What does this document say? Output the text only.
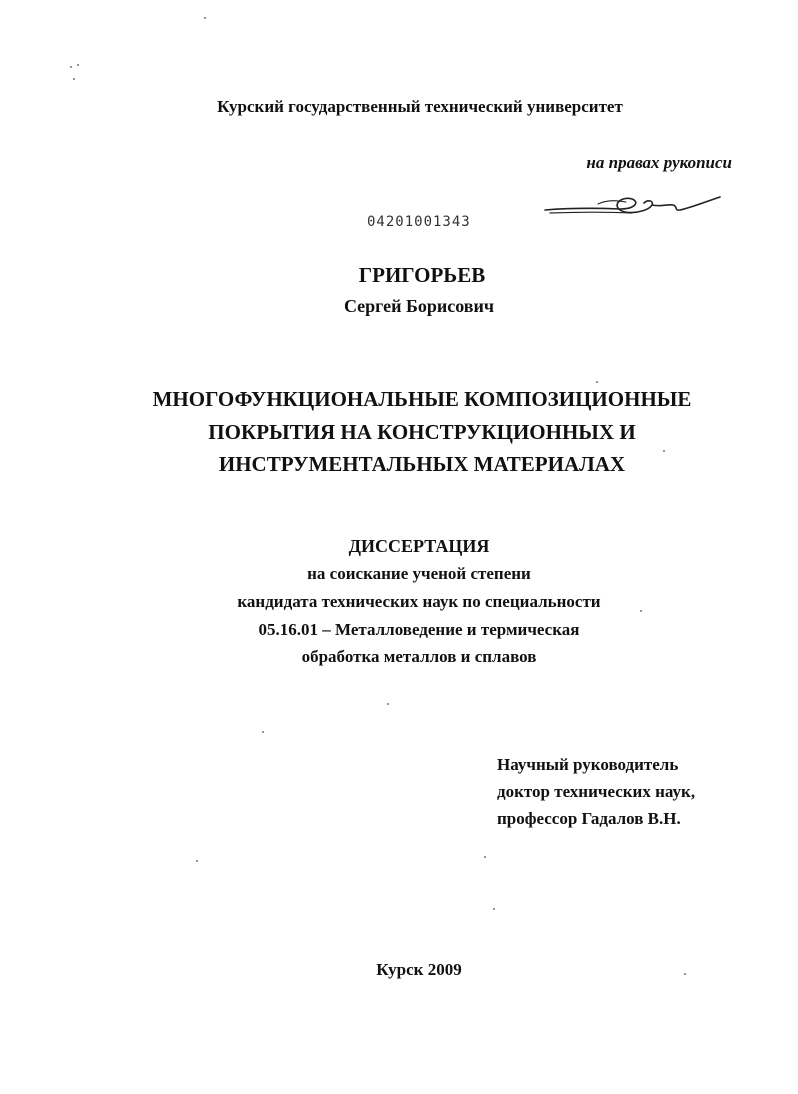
Курский государственный технический университет
на правах рукописи
04201001343
ГРИГОРЬЕВ
Сергей Борисович
МНОГОФУНКЦИОНАЛЬНЫЕ КОМПОЗИЦИОННЫЕ
ПОКРЫТИЯ НА КОНСТРУКЦИОННЫХ И
ИНСТРУМЕНТАЛЬНЫХ МАТЕРИАЛАХ
ДИССЕРТАЦИЯ
на соискание ученой степени
кандидата технических наук по специальности
05.16.01 – Металловедение и термическая
обработка металлов и сплавов
Научный руководитель
доктор технических наук,
профессор Гадалов В.Н.
Курск 2009
